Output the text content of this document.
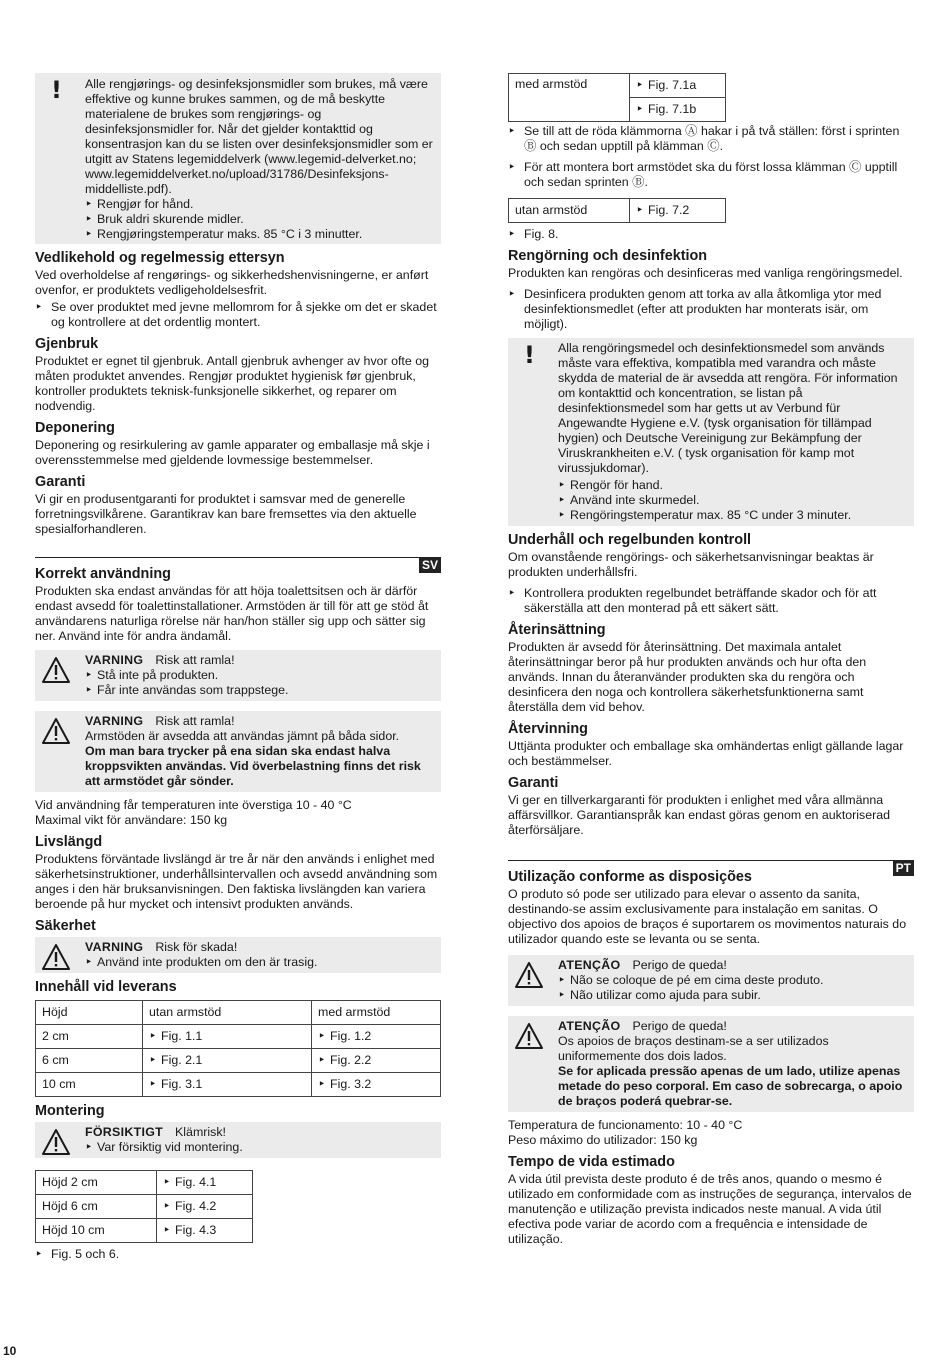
! Alle rengjørings- og desinfeksjonsmidler som brukes, må være effektive og kunne brukes sammen, og de må beskytte materialene de brukes som rengjørings- og desinfeksjonsmidler for. Når det gjelder kontakttid og konsentrasjon kan du se listen over desinfeksjonsmidler som er utgitt av Statens legemiddelverk (www.legemid-delverket.no; www.legemiddelverket.no/upload/31786/Desinfeksjons-middelliste.pdf).

‣ Rengjør for hånd.
‣ Bruk aldri skurende midler.
‣ Rengjøringstemperatur maks. 85 °C i 3 minutter.
Vedlikehold og regelmessig ettersyn

Ved overholdelse af rengørings- og sikkerhedshenvisningerne, er anført ovenfor, er produktets vedligeholdelsesfrit.

‣ Se over produktet med jevne mellomrom for å sjekke om det er skadet og kontrollere at det ordentlig montert.
Gjenbruk

Produktet er egnet til gjenbruk. Antall gjenbruk avhenger av hvor ofte og måten produktet anvendes. Rengjør produktet hygienisk før gjenbruk, kontroller produktets teknisk-funksjonelle sikkerhet, og reparer om nodvendig.

Deponering

Deponering og resirkulering av gamle apparater og emballasje må skje i overensstemmelse med gjeldende lovmessige bestemmelser.

Garanti

Vi gir en produsentgaranti for produktet i samsvar med de generelle forretningsvilkårene. Garantikrav kan bare fremsettes via den aktuelle spesialforhandleren.

SV
Korrekt användning

Produkten ska endast användas för att höja toalettsitsen och är därför endast avsedd för toalettinstallationer. Armstöden är till för att ge stöd åt användarens naturliga rörelse när han/hon ställer sig upp och sätter sig ner. Använd inte för andra ändamål.

VARNING Risk att ramla!
‣ Stå inte på produkten.
‣ Får inte användas som trappstege.
VARNING Risk att ramla!

Armstöden är avsedda att användas jämnt på båda sidor.

Om man bara trycker på ena sidan ska endast halva kroppsvikten användas. Vid överbelastning finns det risk att armstödet går sönder.

Vid användning får temperaturen inte överstiga 10 - 40 °C

Maximal vikt för användare: 150 kg

Livslängd

Produktens förväntade livslängd är tre år när den används i enlighet med säkerhetsinstruktioner, underhållsintervallen och avsedd användning som anges i den här bruksanvisningen. Den faktiska livslängden kan variera beroende på hur mycket och intensivt produkten används.

Säkerhet
VARNING Risk för skada!
‣ Använd inte produkten om den är trasig.
Innehåll vid leverans
Höjd	utan armstöd	med armstöd
2 cm	‣ Fig. 1.1	‣ Fig. 1.2
6 cm	‣ Fig. 2.1	‣ Fig. 2.2
10 cm	‣ Fig. 3.1	‣ Fig. 3.2
Montering
FÖRSIKTIGT Klämrisk!
‣ Var försiktig vid montering.
Höjd 2 cm	‣ Fig. 4.1
Höjd 6 cm	‣ Fig. 4.2
Höjd 10 cm	‣ Fig. 4.3
‣ Fig. 5 och 6.
med armstöd	‣Fig. 7.1a
‣ Fig. 7.1b
‣ Se till att de röda klämmorna Ⓐ hakar i på två ställen: först i sprinten Ⓑ och sedan upptill på klämman Ⓒ.
‣ För att montera bort armstödet ska du först lossa klämman Ⓒ upptill och sedan sprinten Ⓑ.
utan armstöd	‣Fig. 7.2
‣ Fig. 8.
Rengörning och desinfektion

Produkten kan rengöras och desinficeras med vanliga rengöringsmedel.

‣ Desinficera produkten genom att torka av alla åtkomliga ytor med desinfektionsmedlet (efter att produkten har monterats isär, om möjligt).
! Alla rengöringsmedel och desinfektionsmedel som används måste vara effektiva, kompatibla med varandra och måste skydda de material de är avsedda att rengöra. För information om kontakttid och koncentration, se listan på desinfektionsmedel som har getts ut av Verbund für Angewandte Hygiene e.V. (tysk organisation för tillämpad hygien) och Deutsche Vereinigung zur Bekämpfung der Viruskrankheiten e.V. ( tysk organisation för kamp mot virussjukdomar).

‣ Rengör för hand.
‣ Använd inte skurmedel.
‣ Rengöringstemperatur max. 85 °C under 3 minuter.
Underhåll och regelbunden kontroll

Om ovanstående rengörings- och säkerhetsanvisningar beaktas är produkten underhållsfri.

‣ Kontrollera produkten regelbundet beträffande skador och för att säkerställa att den monterad på ett säkert sätt.
Återinsättning

Produkten är avsedd för återinsättning. Det maximala antalet återinsättningar beror på hur produkten används och hur ofta den används. Innan du återanvänder produkten ska du rengöra och desinficera den noga och kontrollera säkerhetsfunktionerna samt återställa dem vid behov.

Återvinning

Uttjänta produkter och emballage ska omhändertas enligt gällande lagar och bestämmelser.

Garanti

Vi ger en tillverkargaranti för produkten i enlighet med våra allmänna affärsvillkor. Garantianspråk kan endast göras genom en auktoriserad återförsäljare.

PT
Utilização conforme as disposições

O produto só pode ser utilizado para elevar o assento da sanita, destinando-se assim exclusivamente para instalação em sanitas. O objectivo dos apoios de braços é suportarem os movimentos naturais do utilizador quando este se levanta ou se senta.

ATENÇÃO Perigo de queda!
‣ Não se coloque de pé em cima deste produto.
‣ Não utilizar como ajuda para subir.
ATENÇÃO Perigo de queda!

Os apoios de braços destinam-se a ser utilizados uniformemente dos dois lados.

Se for aplicada pressão apenas de um lado, utilize apenas metade do peso corporal. Em caso de sobrecarga, o apoio de braços poderá quebrar-se.

Temperatura de funcionamento: 10 - 40 °C

Peso máximo do utilizador: 150 kg

Tempo de vida estimado

A vida útil prevista deste produto é de três anos, quando o mesmo é utilizado em conformidade com as instruções de segurança, intervalos de manutenção e utilização prevista indicados neste manual. A vida útil efectiva pode variar de acordo com a frequência e intensidade de utilização.

10
